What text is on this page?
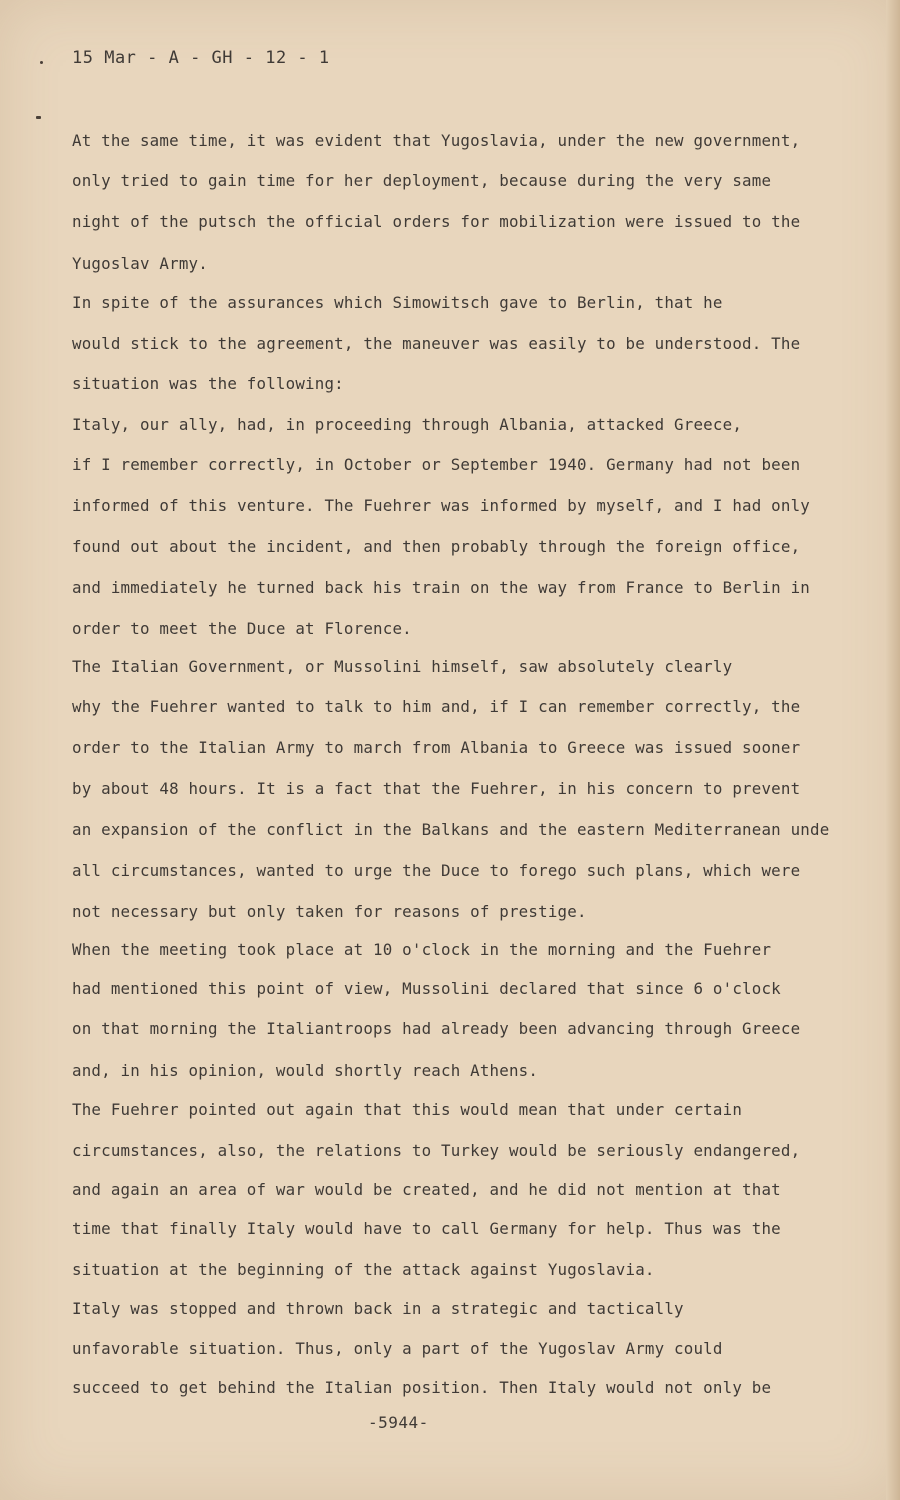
15 Mar - A - GH - 12 - 1
At the same time, it was evident that Yugoslavia, under the new government,
only tried to gain time for her deployment, because during the very same
night of the putsch the official orders for mobilization were issued to the
Yugoslav Army.
In spite of the assurances which Simowitsch gave to Berlin, that he
would stick to the agreement, the maneuver was easily to be understood. The
situation was the following:
Italy, our ally, had, in proceeding through Albania, attacked Greece,
if I remember correctly, in October or September 1940. Germany had not been
informed of this venture. The Fuehrer was informed by myself, and I had only
found out about the incident, and then probably through the foreign office,
and immediately he turned back his train on the way from France to Berlin in
order to meet the Duce at Florence.
The Italian Government, or Mussolini himself, saw absolutely clearly
why the Fuehrer wanted to talk to him and, if I can remember correctly, the
order to the Italian Army to march from Albania to Greece was issued sooner
by about 48 hours. It is a fact that the Fuehrer, in his concern to prevent
an expansion of the conflict in the Balkans and the eastern Mediterranean unde
all circumstances, wanted to urge the Duce to forego such plans, which were
not necessary but only taken for reasons of prestige.
When the meeting took place at 10 o'clock in the morning and the Fuehrer
had mentioned this point of view, Mussolini declared that since 6 o'clock
on that morning the Italiantroops had already been advancing through Greece
and, in his opinion, would shortly reach Athens.
The Fuehrer pointed out again that this would mean that under certain
circumstances, also, the relations to Turkey would be seriously endangered,
and again an area of war would be created, and he did not mention at that
time that finally Italy would have to call Germany for help. Thus was the
situation at the beginning of the attack against Yugoslavia.
Italy was stopped and thrown back in a strategic and tactically
unfavorable situation. Thus, only a part of the Yugoslav Army could
succeed to get behind the Italian position. Then Italy would not only be
-5944-
